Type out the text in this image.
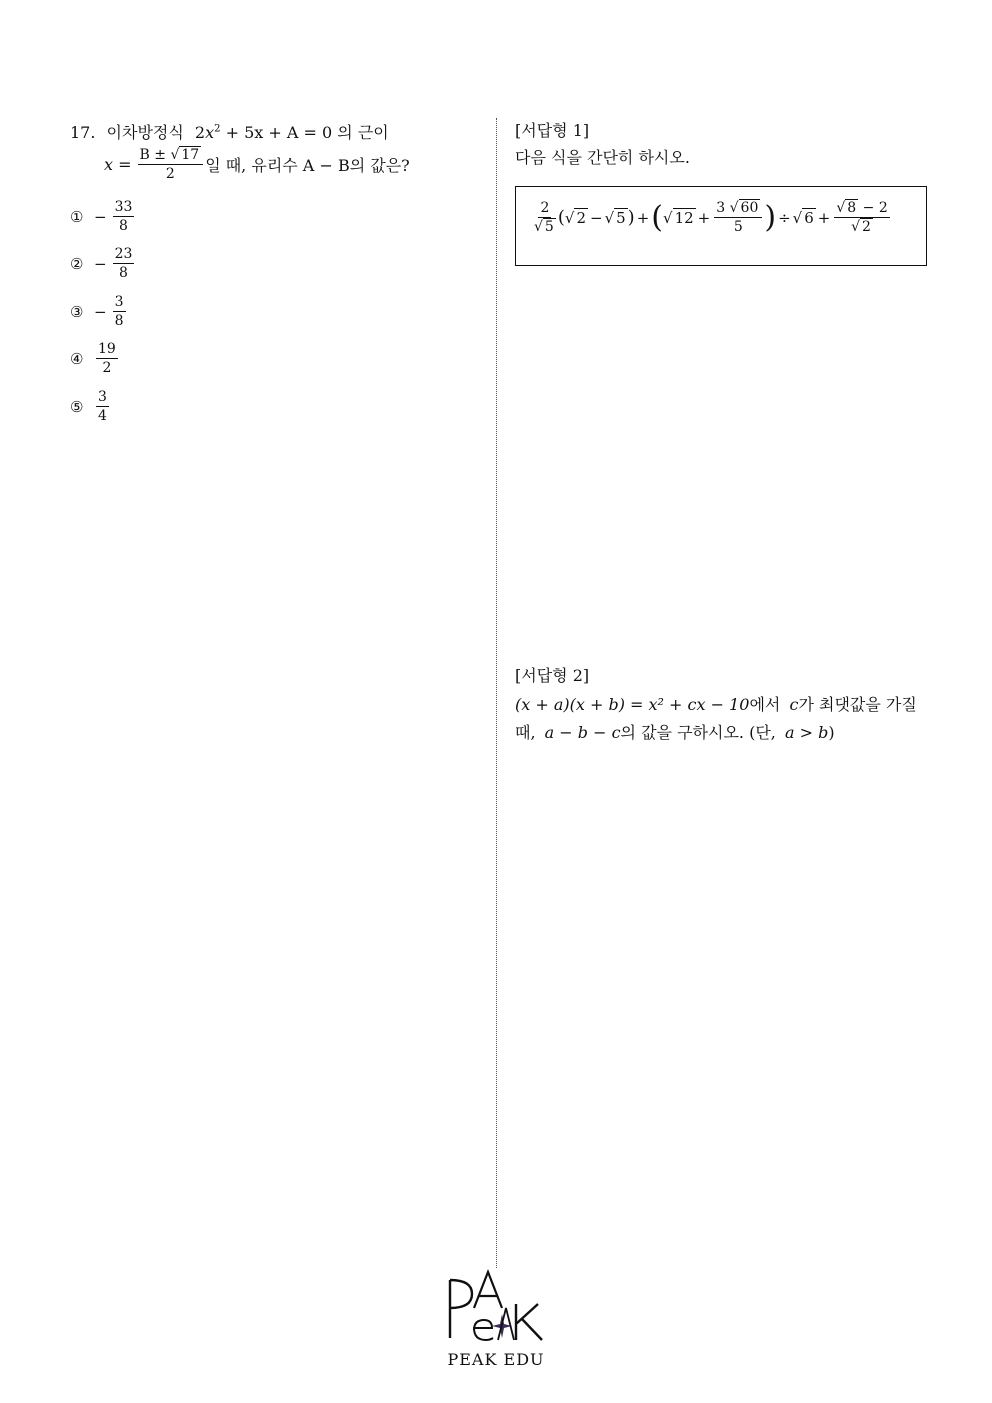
17. 이차방정식 $2x^2 + 5x + A = 0$ 의 근이
$x = \frac{B \pm √ 17}{2}$ 일 때, 유리수 A − B의 값은?
① − $\frac{33}{8}$
② − $\frac{23}{8}$
③ − $\frac{3}{8}$
④ $\frac{19}{2}$
⑤ $\frac{3}{4}$
[서답형 1]
다음 식을 간단히 하시오.
$\frac{2}{√ 5}$ ( √ 2 − √ 5 ) + ( √ $12 + \frac{3 √ 60}{5}$ ) ÷ √ $6 + \frac{√ 8 - 2}{√ 2}$
[서답형 2]
(x + a)(x + b) = x² + cx − 10에서 c가 최댓값을 가질
때, a − b − c의 값을 구하시오. (단, a > b)
PEAK EDU
